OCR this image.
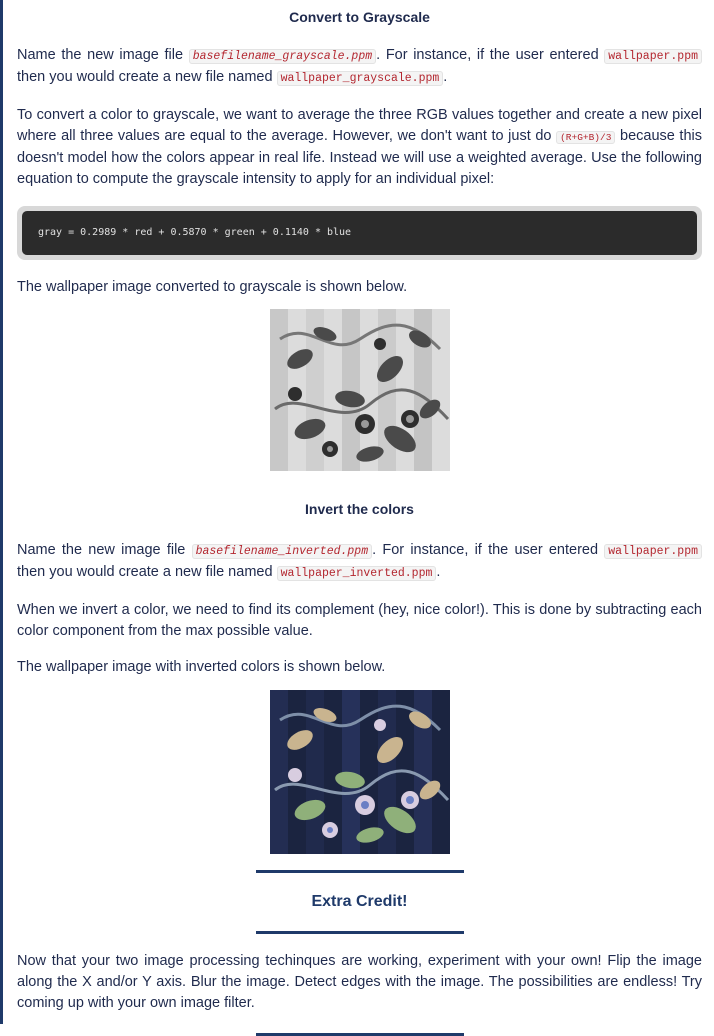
Convert to Grayscale

Name the new image file basefilename_grayscale.ppm . For instance, if the user entered wallpaper.ppm then you would create a new file named wallpaper_grayscale.ppm .

To convert a color to grayscale, we want to average the three RGB values together and create a new pixel where all three values are equal to the average. However, we don't want to just do (R+G+B)/3 because this doesn't model how the colors appear in real life. Instead we will use a weighted average. Use the following equation to compute the grayscale intensity to apply for an individual pixel:

gray = 0.2989 * red + 0.5870 * green + 0.1140 * blue

The wallpaper image converted to grayscale is shown below.

Invert the colors

Name the new image file basefilename_inverted.ppm . For instance, if the user entered wallpaper.ppm then you would create a new file named wallpaper_inverted.ppm .

When we invert a color, we need to find its complement (hey, nice color!). This is done by subtracting each color component from the max possible value.

The wallpaper image with inverted colors is shown below.

Extra Credit!

Now that your two image processing techinques are working, experiment with your own! Flip the image along the X and/or Y axis. Blur the image. Detect edges with the image. The possibilities are endless! Try coming up with your own image filter.
